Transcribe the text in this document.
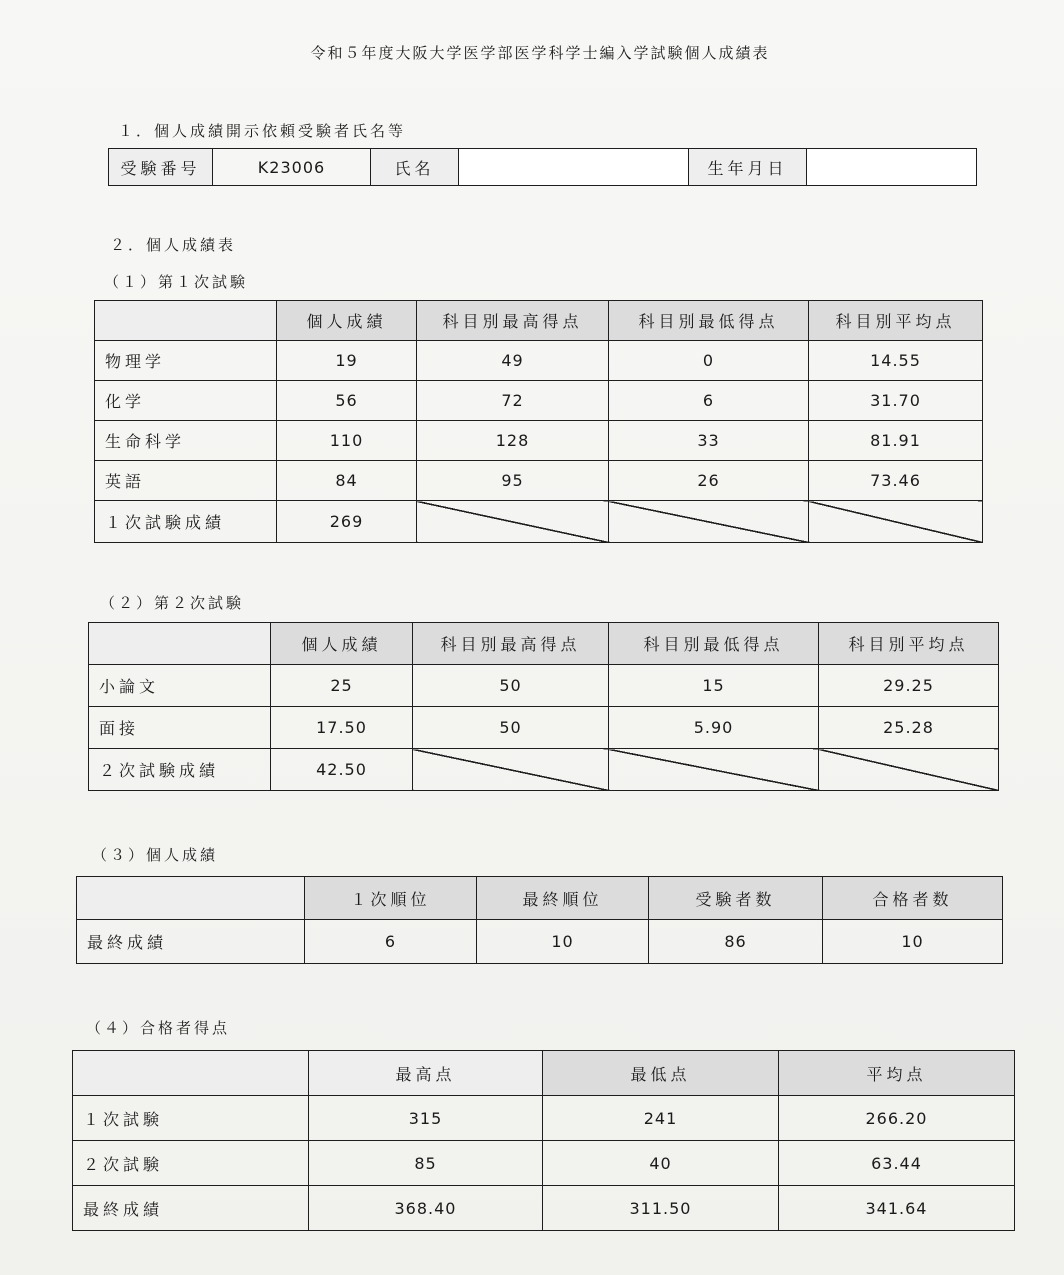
令和５年度大阪大学医学部医学科学士編入学試験個人成績表
１．個人成績開示依頼受験者氏名等
受験番号	K23006	氏名		生年月日	
２．個人成績表
（１）第１次試験
	個人成績	科目別最高得点	科目別最低得点	科目別平均点
物理学	19	49	0	14.55
化学	56	72	6	31.70
生命科学	110	128	33	81.91
英語	84	95	26	73.46
１次試験成績	269			
（２）第２次試験
	個人成績	科目別最高得点	科目別最低得点	科目別平均点
小論文	25	50	15	29.25
面接	17.50	50	5.90	25.28
２次試験成績	42.50			
（３）個人成績
	１次順位	最終順位	受験者数	合格者数
最終成績	6	10	86	10
（４）合格者得点
	最高点	最低点	平均点
１次試験	315	241	266.20
２次試験	85	40	63.44
最終成績	368.40	311.50	341.64
